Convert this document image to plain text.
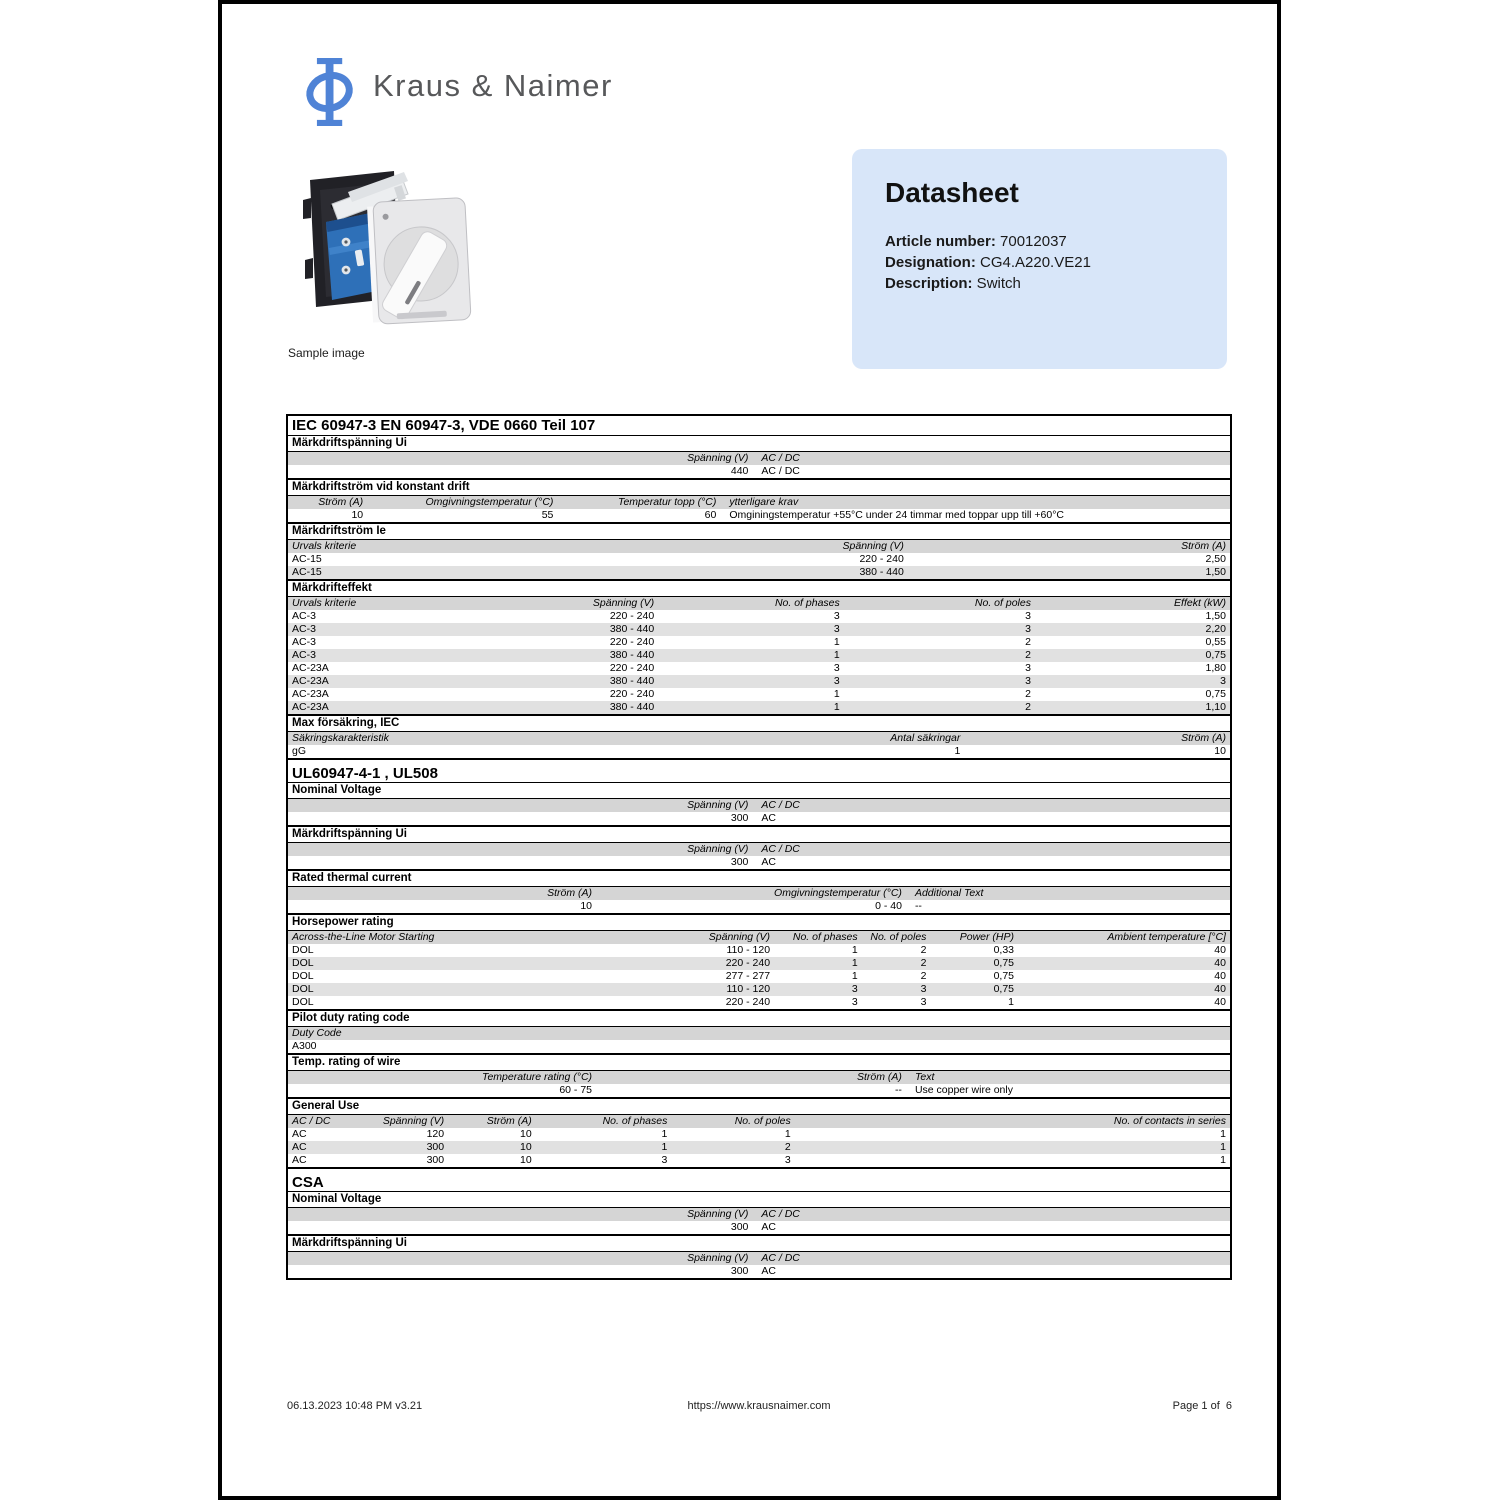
Kraus & Naimer
Sample image
Datasheet
Article number: 70012037
Designation: CG4.A220.VE21
Description: Switch
IEC 60947-3 EN 60947-3, VDE 0660 Teil 107
Märkdriftspänning Ui
Spänning (V)	AC / DC
440	AC / DC
Märkdriftström vid konstant drift
Ström (A)	Omgivningstemperatur (°C)	Temperatur topp (°C)	ytterligare krav
10	55	60	Omginingstemperatur +55°C under 24 timmar med toppar upp till +60°C
Märkdriftström Ie
Urvals kriterie	Spänning (V)	Ström (A)
AC-15	220 - 240	2,50
AC-15	380 - 440	1,50
Märkdrifteffekt
Urvals kriterie	Spänning (V)	No. of phases	No. of poles	Effekt (kW)
AC-3	220 - 240	3	3	1,50
AC-3	380 - 440	3	3	2,20
AC-3	220 - 240	1	2	0,55
AC-3	380 - 440	1	2	0,75
AC-23A	220 - 240	3	3	1,80
AC-23A	380 - 440	3	3	3
AC-23A	220 - 240	1	2	0,75
AC-23A	380 - 440	1	2	1,10
Max försäkring, IEC
Säkringskarakteristik	Antal säkringar	Ström (A)
gG	1	10
UL60947-4-1 , UL508
Nominal Voltage
Spänning (V)	AC / DC
300	AC
Märkdriftspänning Ui
Spänning (V)	AC / DC
300	AC
Rated thermal current
Ström (A)	Omgivningstemperatur (°C)	Additional Text
10	0 - 40	--
Horsepower rating
Across-the-Line Motor Starting	Spänning (V)	No. of phases	No. of poles	Power (HP)	Ambient temperature [°C]
DOL	110 - 120	1	2	0,33	40
DOL	220 - 240	1	2	0,75	40
DOL	277 - 277	1	2	0,75	40
DOL	110 - 120	3	3	0,75	40
DOL	220 - 240	3	3	1	40
Pilot duty rating code
Duty Code
A300
Temp. rating of wire
Temperature rating (°C)	Ström (A)	Text
60 - 75	--	Use copper wire only
General Use
AC / DC	Spänning (V)	Ström (A)	No. of phases	No. of poles	No. of contacts in series
AC	120	10	1	1	1
AC	300	10	1	2	1
AC	300	10	3	3	1
CSA
Nominal Voltage
Spänning (V)	AC / DC
300	AC
Märkdriftspänning Ui
Spänning (V)	AC / DC
300	AC
06.13.2023 10:48 PM v3.21	https://www.krausnaimer.com	Page 1 of  6
